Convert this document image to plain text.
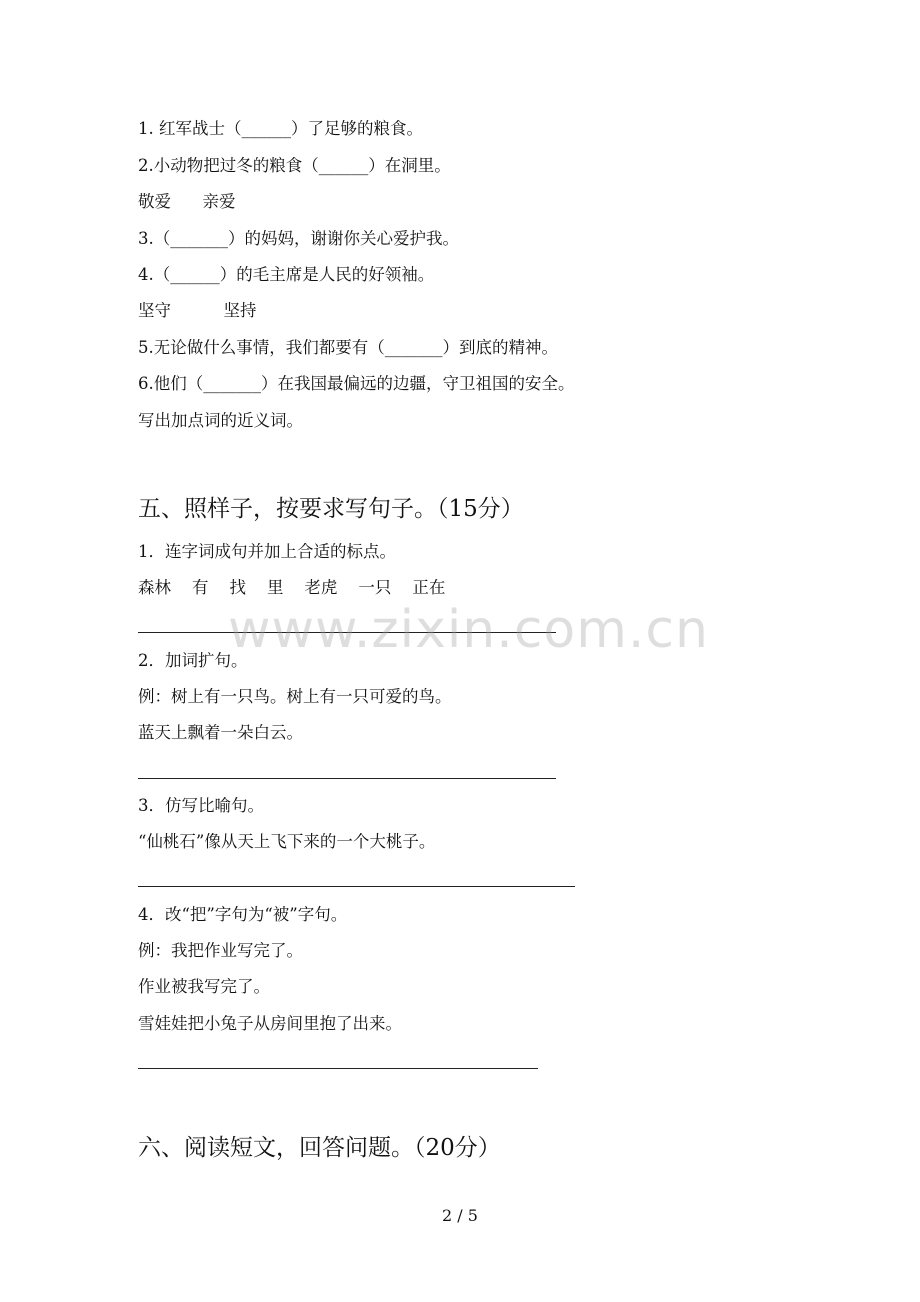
1. 红军战士（______）了足够的粮食。
2.小动物把过冬的粮食（______）在洞里。
敬爱      亲爱
3.（_______）的妈妈，谢谢你关心爱护我。
4.（______）的毛主席是人民的好领袖。
坚守          坚持
5.无论做什么事情，我们都要有（_______）到底的精神。
6.他们（_______）在我国最偏远的边疆，守卫祖国的安全。
写出加点词的近义词。
五、照样子，按要求写句子。（15分）
1．连字词成句并加上合适的标点。
森林    有    找    里    老虎    一只    正在
www.zixin.com.cn
2．加词扩句。
例：树上有一只鸟。树上有一只可爱的鸟。
蓝天上飘着一朵白云。
3．仿写比喻句。
“仙桃石”像从天上飞下来的一个大桃子。
4．改“把”字句为“被”字句。
例：我把作业写完了。
作业被我写完了。
雪娃娃把小兔子从房间里抱了出来。
六、阅读短文，回答问题。（20分）
2 / 5
